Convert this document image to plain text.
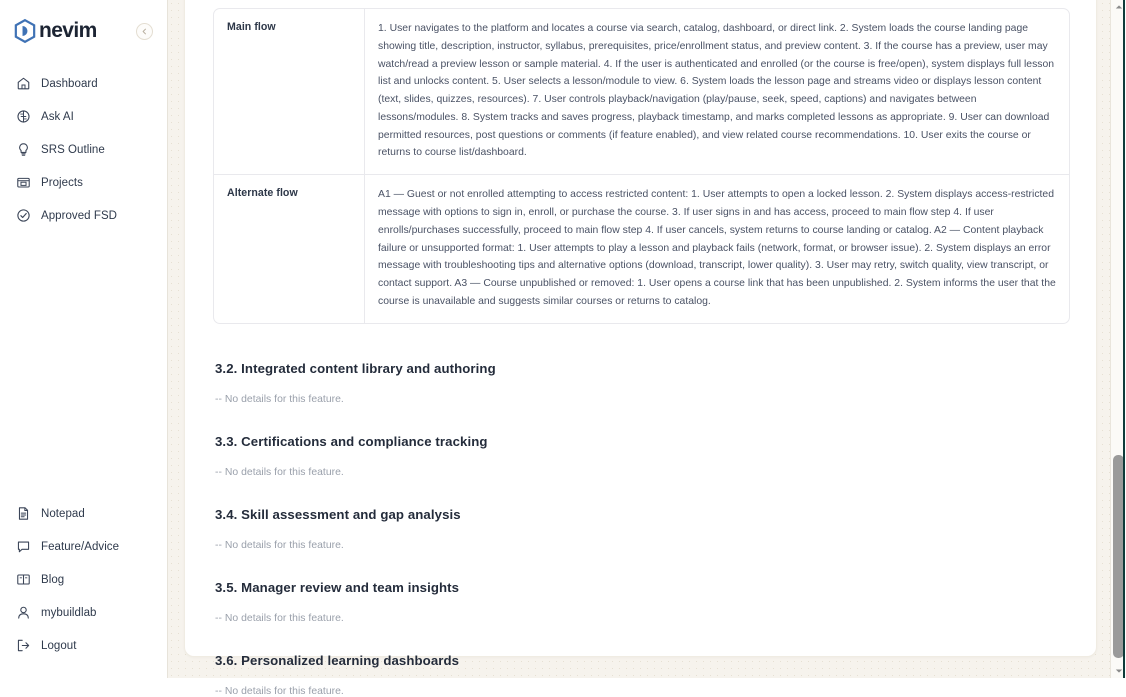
nevim
Dashboard
Ask AI
SRS Outline
Projects
Approved FSD
Notepad
Feature/Advice
Blog
mybuildlab
Logout
Main flow	1. User navigates to the platform and locates a course via search, catalog, dashboard, or direct link. 2. System loads the course landing page showing title, description, instructor, syllabus, prerequisites, price/enrollment status, and preview content. 3. If the course has a preview, user may watch/read a preview lesson or sample material. 4. If the user is authenticated and enrolled (or the course is free/open), system displays full lesson list and unlocks content. 5. User selects a lesson/module to view. 6. System loads the lesson page and streams video or displays lesson content (text, slides, quizzes, resources). 7. User controls playback/navigation (play/pause, seek, speed, captions) and navigates between lessons/modules. 8. System tracks and saves progress, playback timestamp, and marks completed lessons as appropriate. 9. User can download permitted resources, post questions or comments (if feature enabled), and view related course recommendations. 10. User exits the course or returns to course list/dashboard.
Alternate flow	A1 — Guest or not enrolled attempting to access restricted content: 1. User attempts to open a locked lesson. 2. System displays access-restricted message with options to sign in, enroll, or purchase the course. 3. If user signs in and has access, proceed to main flow step 4. If user enrolls/purchases successfully, proceed to main flow step 4. If user cancels, system returns to course landing or catalog. A2 — Content playback failure or unsupported format: 1. User attempts to play a lesson and playback fails (network, format, or browser issue). 2. System displays an error message with troubleshooting tips and alternative options (download, transcript, lower quality). 3. User may retry, switch quality, view transcript, or contact support. A3 — Course unpublished or removed: 1. User opens a course link that has been unpublished. 2. System informs the user that the course is unavailable and suggests similar courses or returns to catalog.
3.2. Integrated content library and authoring

-- No details for this feature.

3.3. Certifications and compliance tracking

-- No details for this feature.

3.4. Skill assessment and gap analysis

-- No details for this feature.

3.5. Manager review and team insights

-- No details for this feature.

3.6. Personalized learning dashboards

-- No details for this feature.
